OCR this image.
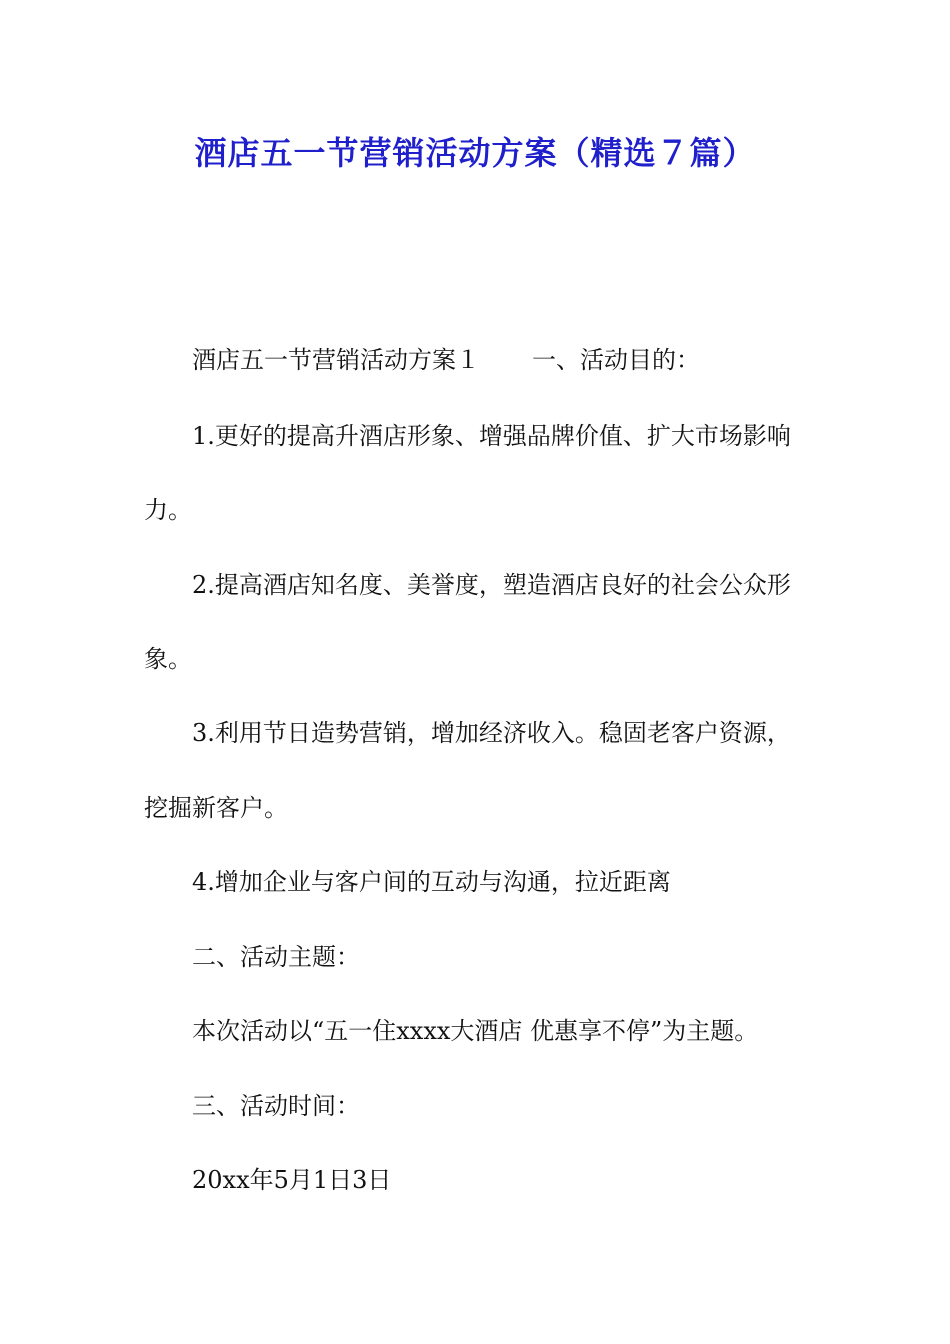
酒店五一节营销活动方案（精选７篇）

酒店五一节营销活动方案１ 一、活动目的：

1.更好的提高升酒店形象、增强品牌价值、扩大市场影响

力。

2.提高酒店知名度、美誉度，塑造酒店良好的社会公众形

象。

3.利用节日造势营销，增加经济收入。稳固老客户资源，

挖掘新客户。

4.增加企业与客户间的互动与沟通，拉近距离

二、活动主题：

本次活动以“五一住xxxx大酒店 优惠享不停”为主题。

三、活动时间：

20xx年5月1日3日
